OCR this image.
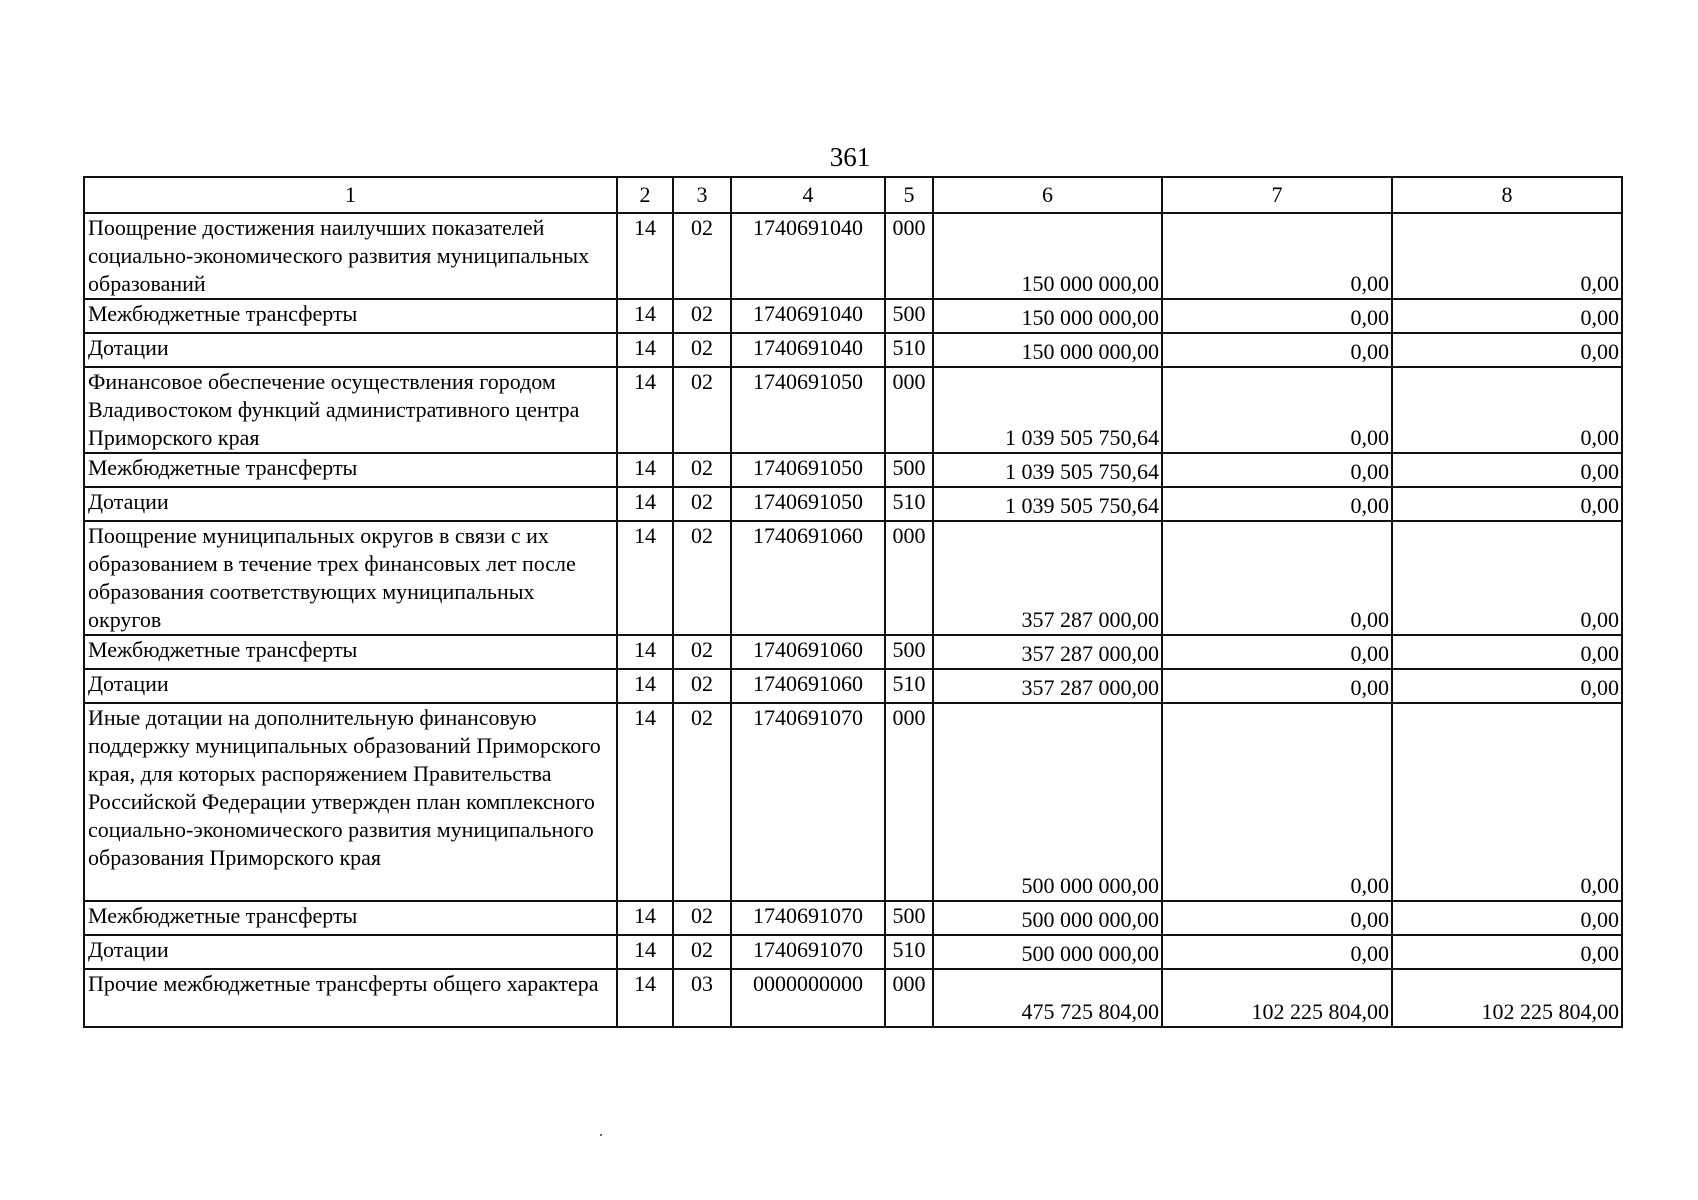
361
1	2	3	4	5	6	7	8
Поощрение достижения наилучших показателей социально-экономического развития муниципальных образований	14	02	1740691040	000	150 000 000,00	0,00	0,00
Межбюджетные трансферты	14	02	1740691040	500	150 000 000,00	0,00	0,00
Дотации	14	02	1740691040	510	150 000 000,00	0,00	0,00
Финансовое обеспечение осуществления городом Владивостоком функций административного центра Приморского края	14	02	1740691050	000	1 039 505 750,64	0,00	0,00
Межбюджетные трансферты	14	02	1740691050	500	1 039 505 750,64	0,00	0,00
Дотации	14	02	1740691050	510	1 039 505 750,64	0,00	0,00
Поощрение муниципальных округов в связи с их образованием в течение трех финансовых лет после образования соответствующих муниципальных округов	14	02	1740691060	000	357 287 000,00	0,00	0,00
Межбюджетные трансферты	14	02	1740691060	500	357 287 000,00	0,00	0,00
Дотации	14	02	1740691060	510	357 287 000,00	0,00	0,00
Иные дотации на дополнительную финансовую поддержку муниципальных образований Приморского края, для которых распоряжением Правительства Российской Федерации утвержден план комплексного социально-экономического развития муниципального образования Приморского края	14	02	1740691070	000	500 000 000,00	0,00	0,00
Межбюджетные трансферты	14	02	1740691070	500	500 000 000,00	0,00	0,00
Дотации	14	02	1740691070	510	500 000 000,00	0,00	0,00
Прочие межбюджетные трансферты общего характера	14	03	0000000000	000	475 725 804,00	102 225 804,00	102 225 804,00
